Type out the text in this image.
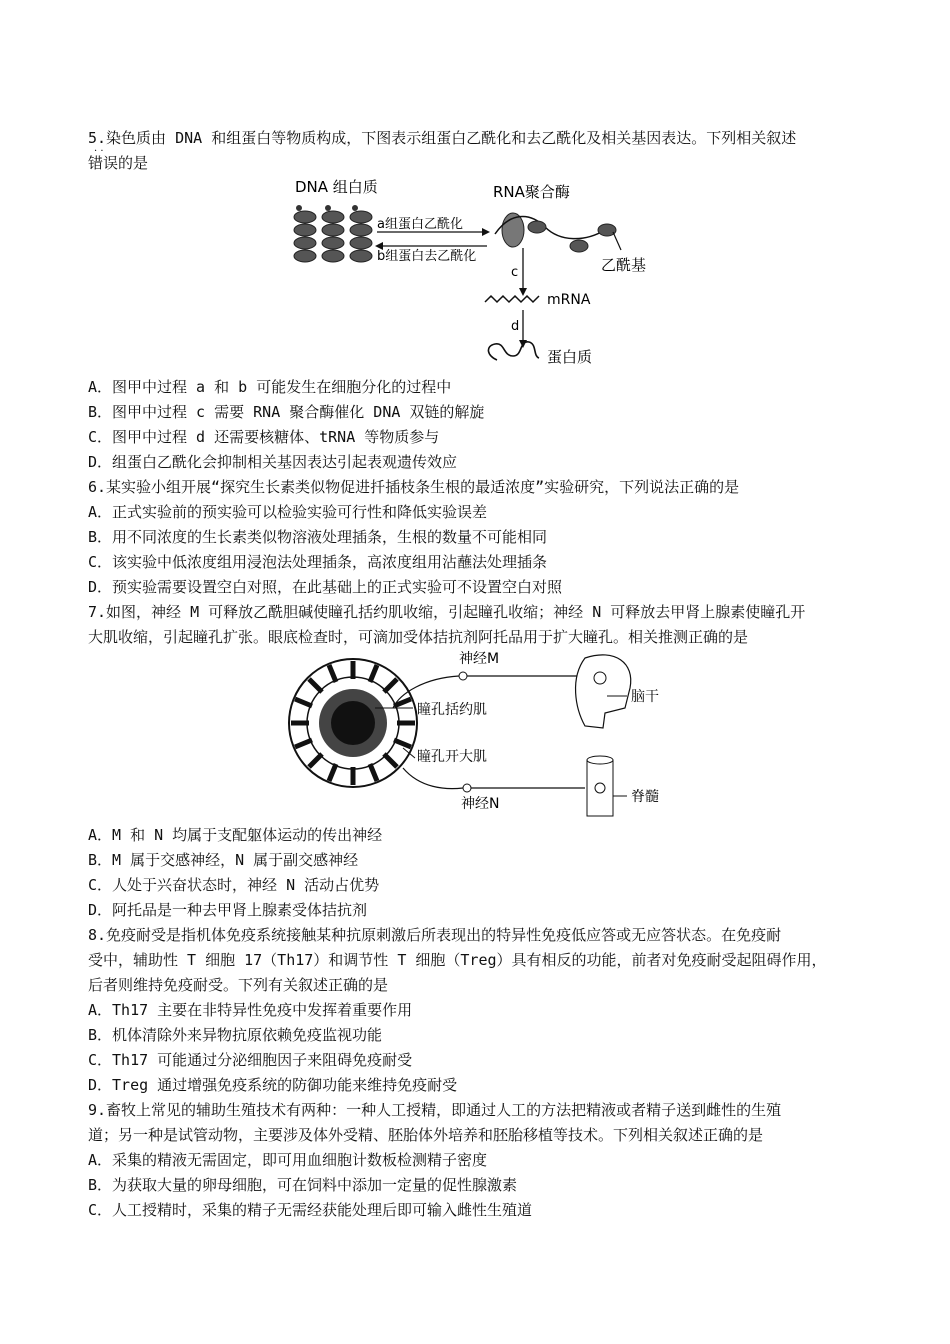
5.染色质由 DNA 和组蛋白等物质构成，下图表示组蛋白乙酰化和去乙酰化及相关基因表达。下列相关叙述
· ·
错误的是
DNA 组白质
a组蛋白乙酰化
b组蛋白去乙酰化
RNA聚合酶
乙酰基
c
mRNA
d
蛋白质
A．图甲中过程 a 和 b 可能发生在细胞分化的过程中
B．图甲中过程 c 需要 RNA 聚合酶催化 DNA 双链的解旋
C．图甲中过程 d 还需要核糖体、tRNA 等物质参与
D．组蛋白乙酰化会抑制相关基因表达引起表观遗传效应
6.某实验小组开展“探究生长素类似物促进扦插枝条生根的最适浓度”实验研究，下列说法正确的是
A．正式实验前的预实验可以检验实验可行性和降低实验误差
B．用不同浓度的生长素类似物溶液处理插条，生根的数量不可能相同
C．该实验中低浓度组用浸泡法处理插条，高浓度组用沾蘸法处理插条
D．预实验需要设置空白对照，在此基础上的正式实验可不设置空白对照
7.如图，神经 M 可释放乙酰胆碱使瞳孔括约肌收缩，引起瞳孔收缩；神经 N 可释放去甲肾上腺素使瞳孔开
大肌收缩，引起瞳孔扩张。眼底检查时，可滴加受体拮抗剂阿托品用于扩大瞳孔。相关推测正确的是
神经M
脑干
瞳孔括约肌
瞳孔开大肌
神经N	脊髓
A．M 和 N 均属于支配躯体运动的传出神经
B．M 属于交感神经，N 属于副交感神经
C．人处于兴奋状态时，神经 N 活动占优势
D．阿托品是一种去甲肾上腺素受体拮抗剂
8.免疫耐受是指机体免疫系统接触某种抗原刺激后所表现出的特异性免疫低应答或无应答状态。在免疫耐
受中，辅助性 T 细胞 17（Th17）和调节性 T 细胞（Treg）具有相反的功能，前者对免疫耐受起阻碍作用，
后者则维持免疫耐受。下列有关叙述正确的是
A．Th17 主要在非特异性免疫中发挥着重要作用
B．机体清除外来异物抗原依赖免疫监视功能
C．Th17 可能通过分泌细胞因子来阻碍免疫耐受
D．Treg 通过增强免疫系统的防御功能来维持免疫耐受
9.畜牧上常见的辅助生殖技术有两种：一种人工授精，即通过人工的方法把精液或者精子送到雌性的生殖
道；另一种是试管动物，主要涉及体外受精、胚胎体外培养和胚胎移植等技术。下列相关叙述正确的是
A．采集的精液无需固定，即可用血细胞计数板检测精子密度
B．为获取大量的卵母细胞，可在饲料中添加一定量的促性腺激素
C．人工授精时，采集的精子无需经获能处理后即可输入雌性生殖道
